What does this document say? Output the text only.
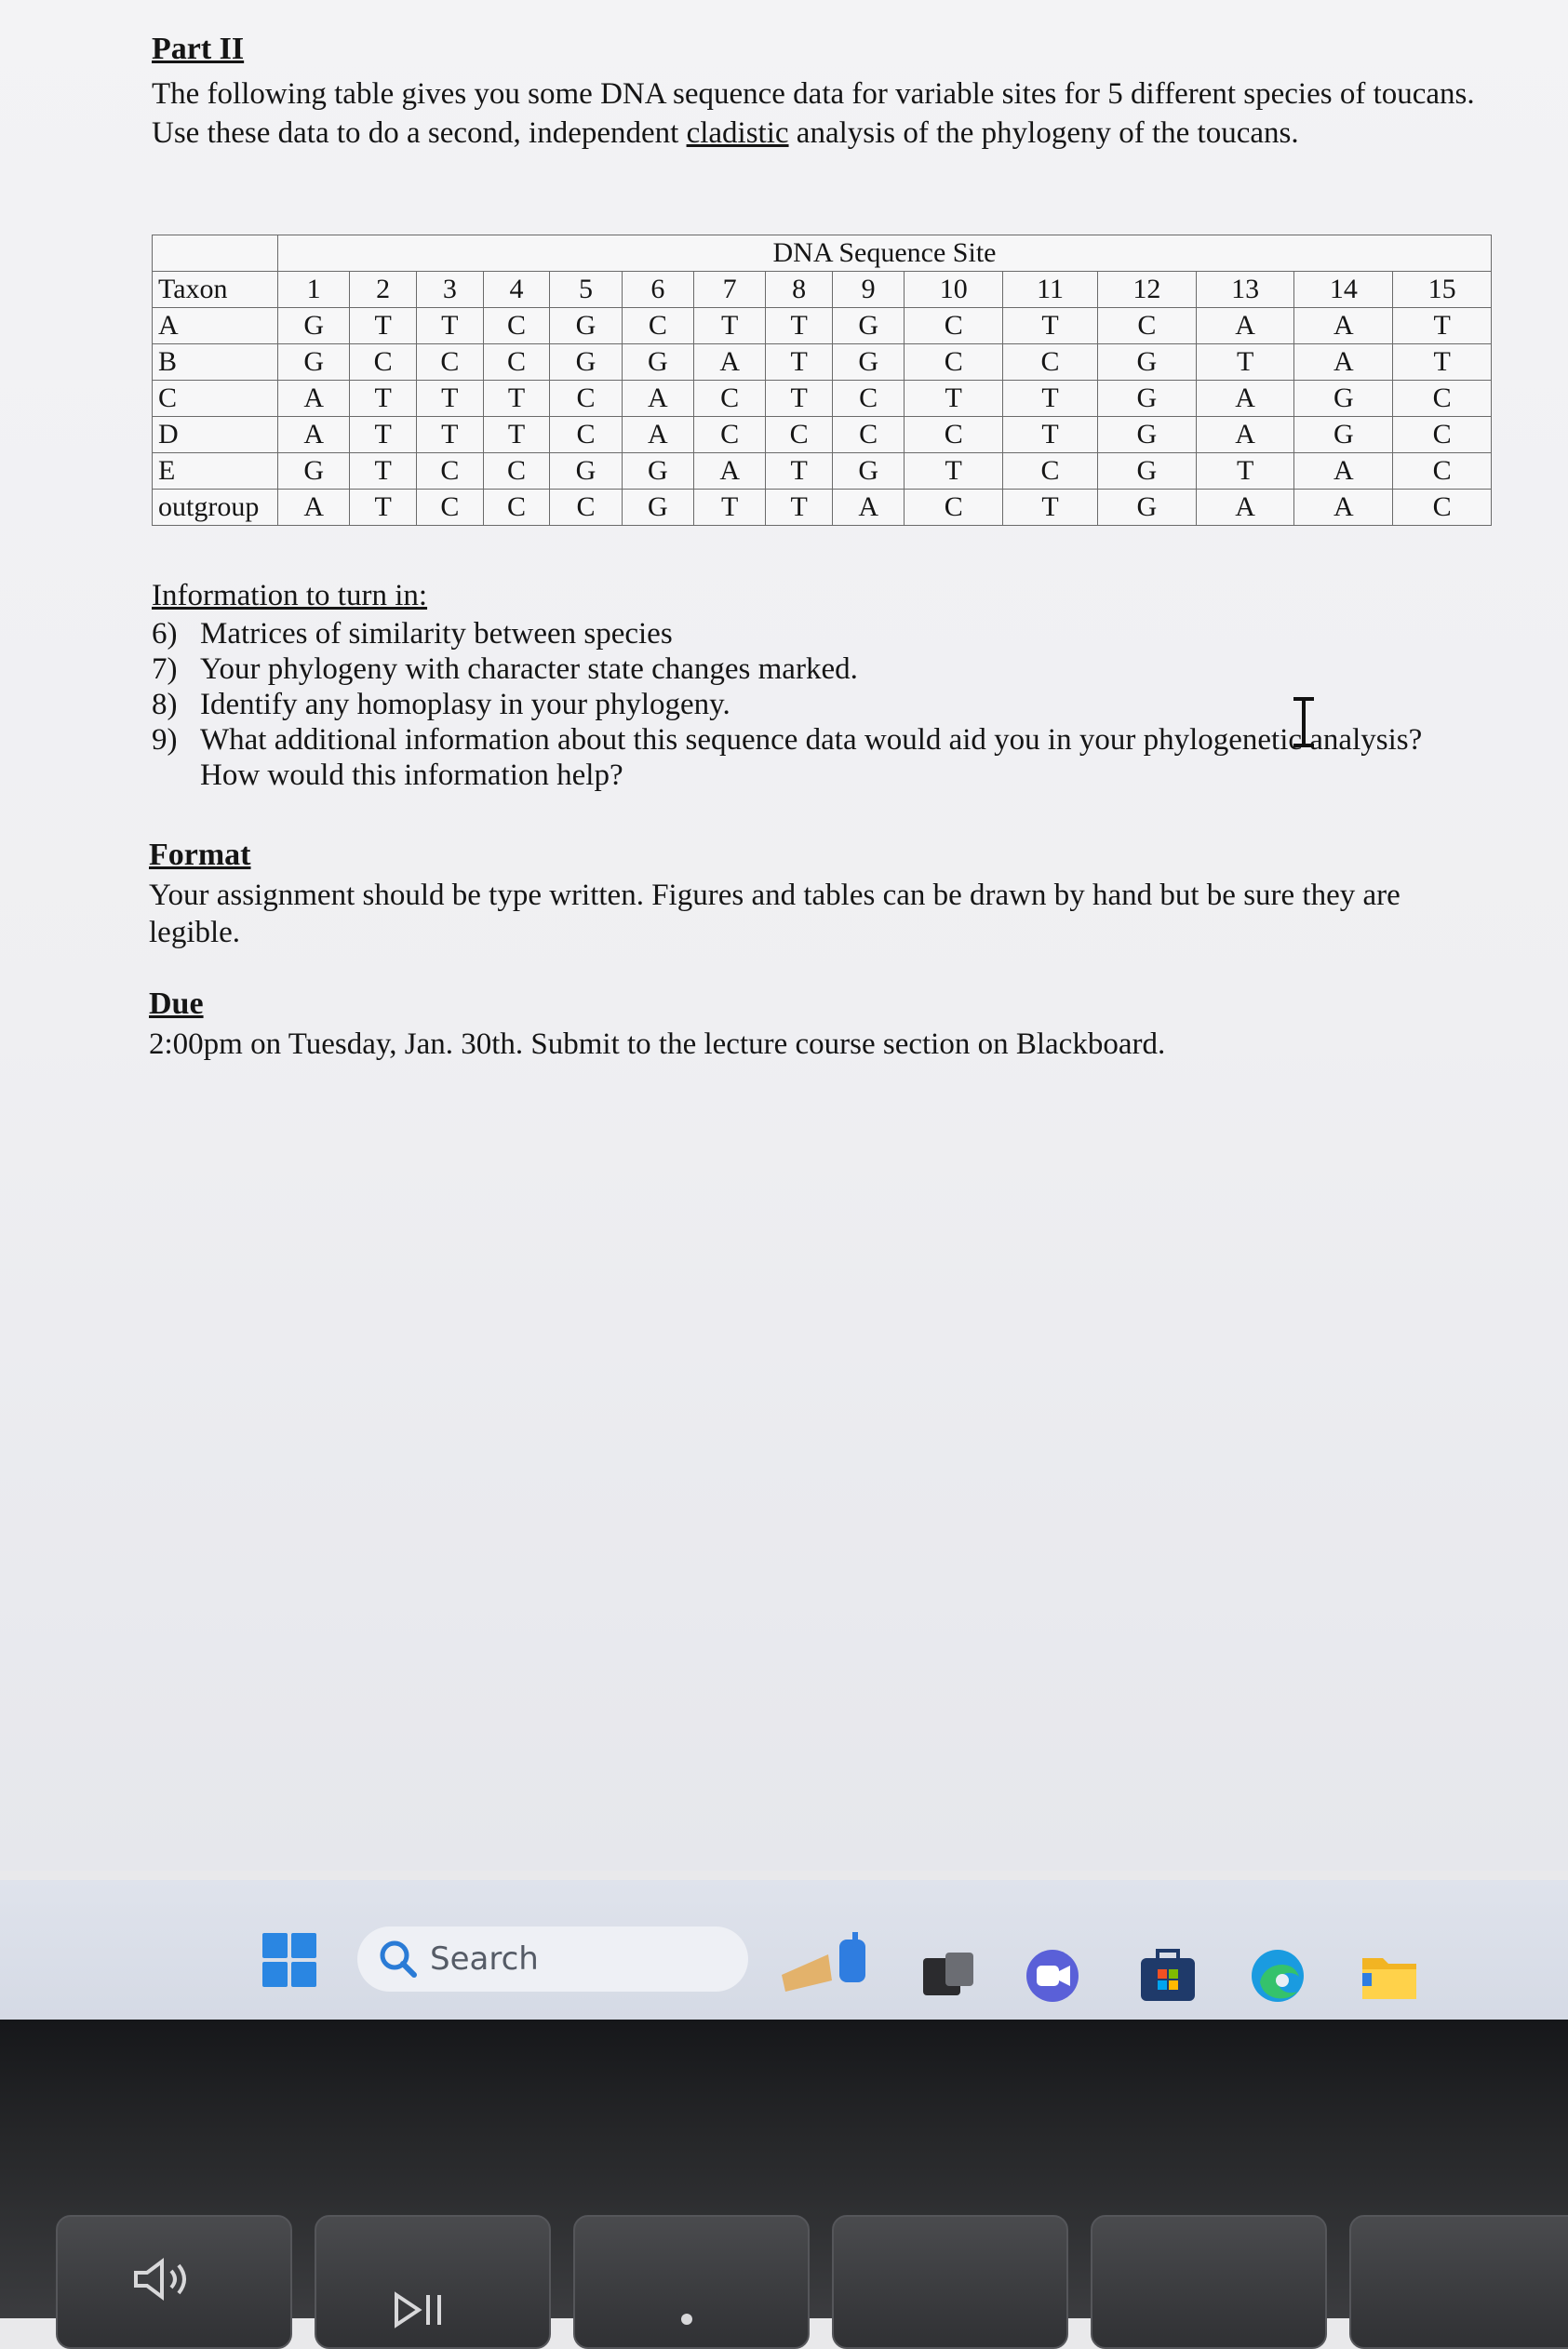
Part II
The following table gives you some DNA sequence data for variable sites for 5 different species of toucans. Use these data to do a second, independent cladistic analysis of the phylogeny of the toucans.
	DNA Sequence Site														
Taxon	1	2	3	4	5	6	7	8	9	10	11	12	13	14	15
A	G	T	T	C	G	C	T	T	G	C	T	C	A	A	T
B	G	C	C	C	G	G	A	T	G	C	C	G	T	A	T
C	A	T	T	T	C	A	C	T	C	T	T	G	A	G	C
D	A	T	T	T	C	A	C	C	C	C	T	G	A	G	C
E	G	T	C	C	G	G	A	T	G	T	C	G	T	A	C
outgroup	A	T	C	C	C	G	T	T	A	C	T	G	A	A	C
Information to turn in:
6) Matrices of similarity between species
7) Your phylogeny with character state changes marked.
8) Identify any homoplasy in your phylogeny.
9) What additional information about this sequence data would aid you in your phylogenetic analysis? How would this information help?
Format
Your assignment should be type written. Figures and tables can be drawn by hand but be sure they are legible.
Due
2:00pm on Tuesday, Jan. 30th. Submit to the lecture course section on Blackboard.
Search
